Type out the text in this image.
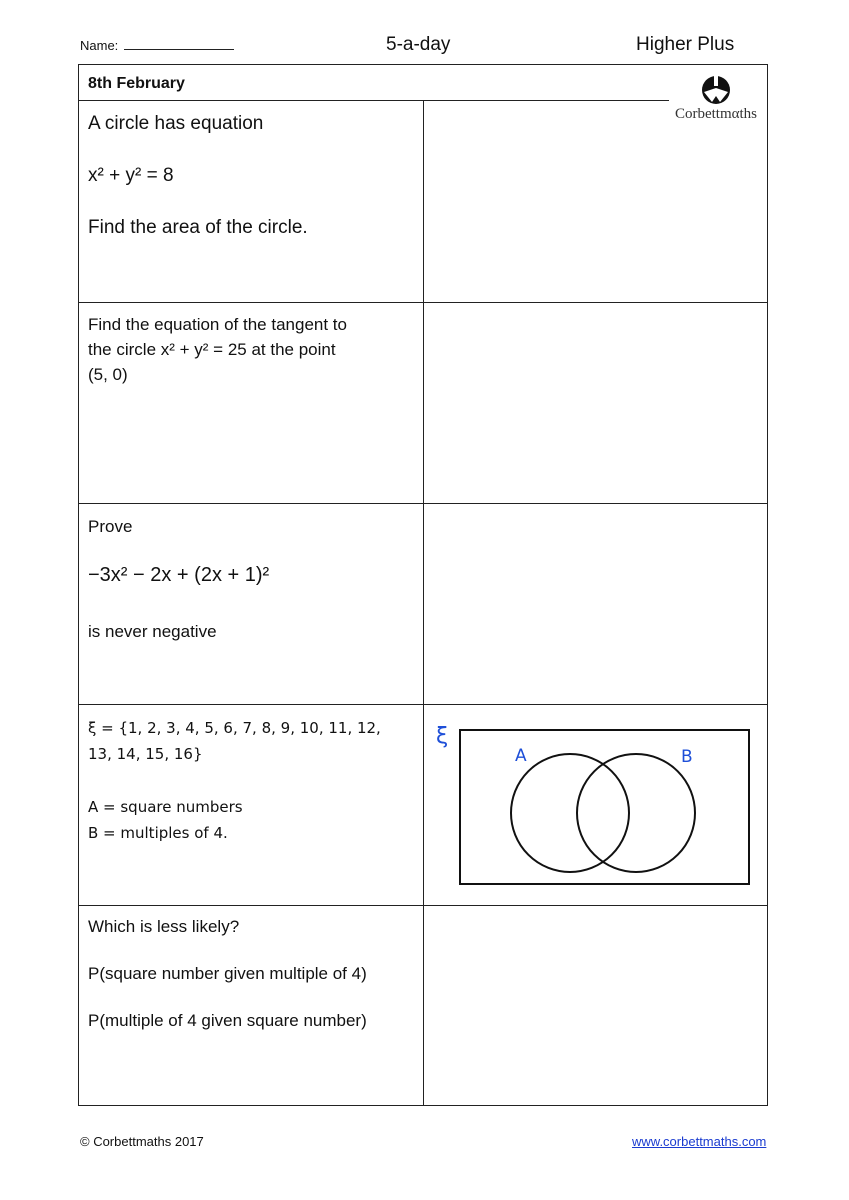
Name:	5-a-day	Higher Plus
8th February
A circle has equation
x² + y² = 8
Find the area of the circle.
Find the equation of the tangent to
the circle x² + y² = 25 at the point
(5, 0)
Prove
−3x² − 2x + (2x + 1)²
is never negative
ξ = {1, 2, 3, 4, 5, 6, 7, 8, 9, 10, 11, 12,
13, 14, 15, 16}
A = square numbers
B = multiples of 4.
ξ
A	B
Which is less likely?
P(square number given multiple of 4)
P(multiple of 4 given square number)
Corbettmαths
© Corbettmaths 2017	www.corbettmaths.com
